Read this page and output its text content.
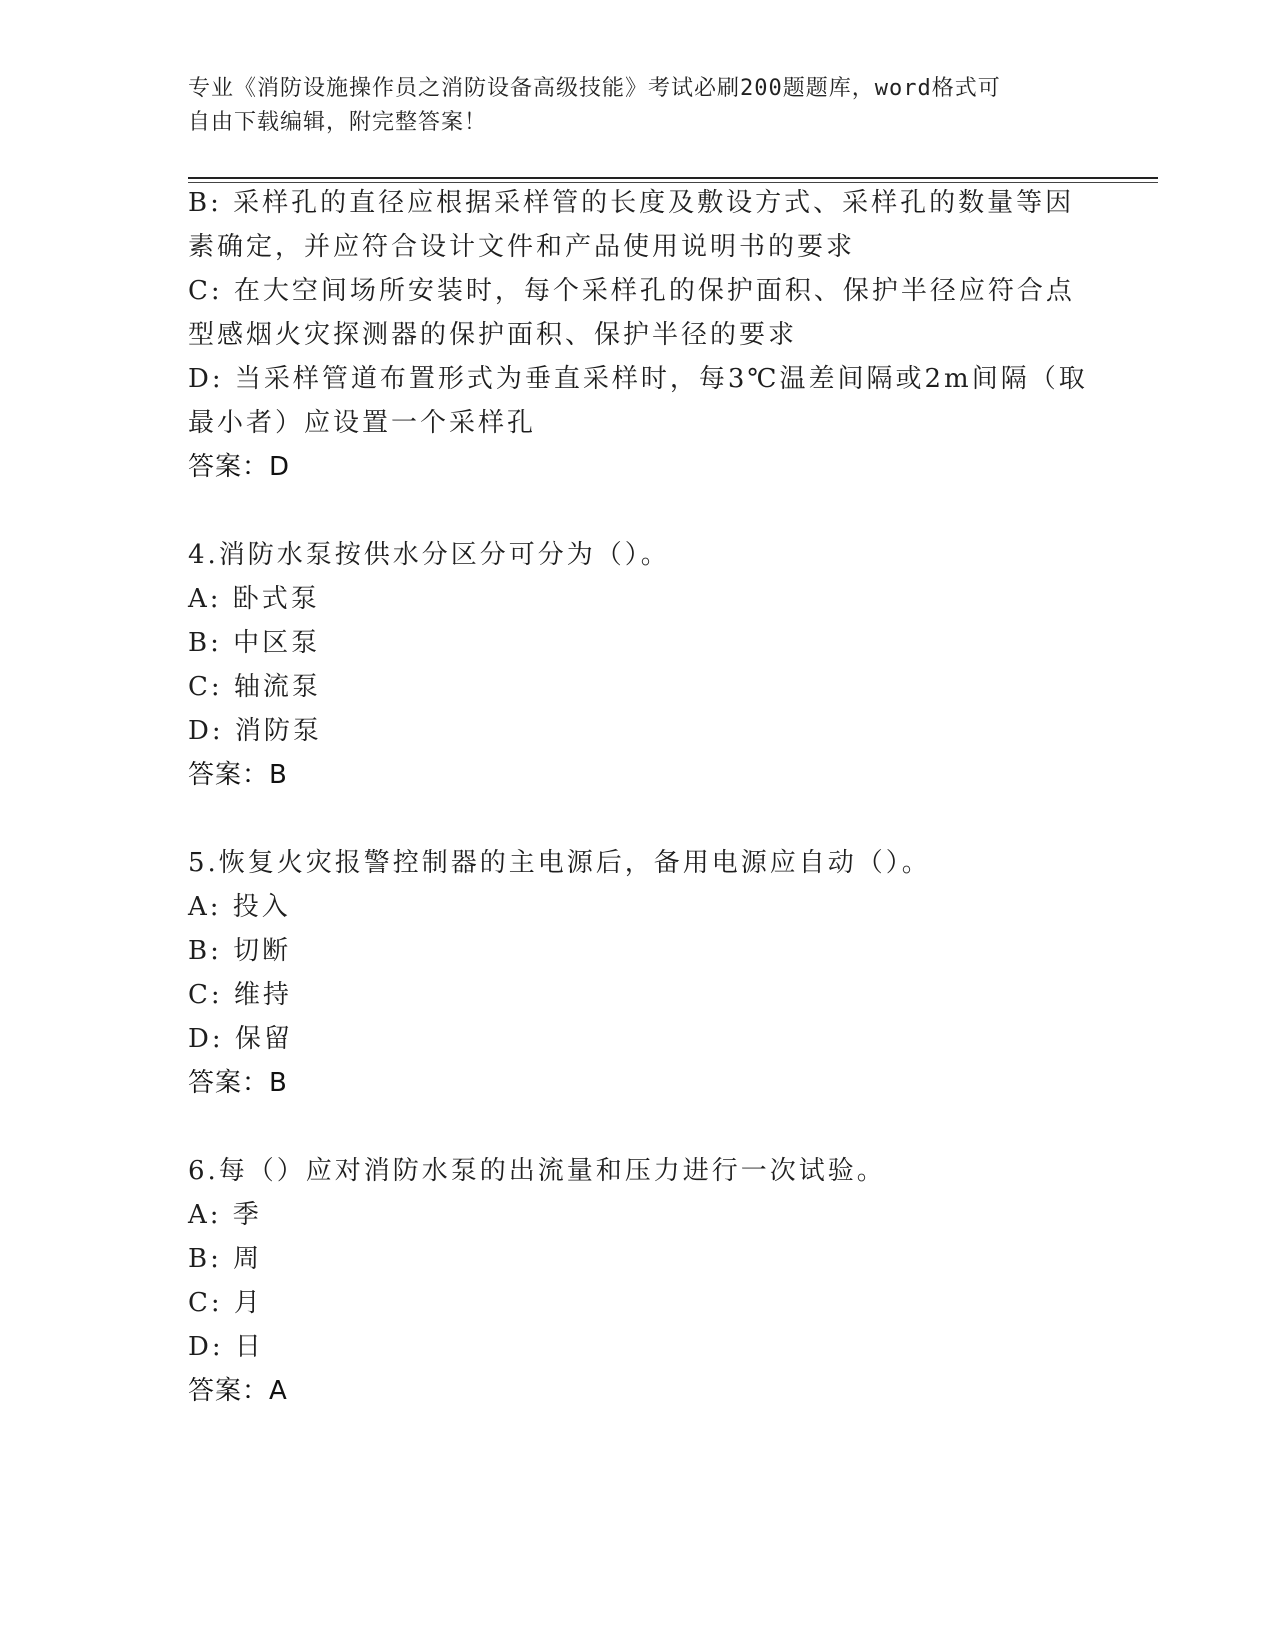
专业《消防设施操作员之消防设备高级技能》考试必刷200题题库，word格式可
自由下载编辑，附完整答案！
B: 采样孔的直径应根据采样管的长度及敷设方式、采样孔的数量等因
素确定，并应符合设计文件和产品使用说明书的要求
C: 在大空间场所安装时，每个采样孔的保护面积、保护半径应符合点
型感烟火灾探测器的保护面积、保护半径的要求
D: 当采样管道布置形式为垂直采样时，每3℃温差间隔或2m间隔（取
最小者）应设置一个采样孔
答案：D
4.消防水泵按供水分区分可分为（）。
A: 卧式泵
B: 中区泵
C: 轴流泵
D: 消防泵
答案：B
5.恢复火灾报警控制器的主电源后，备用电源应自动（）。
A: 投入
B: 切断
C: 维持
D: 保留
答案：B
6.每（）应对消防水泵的出流量和压力进行一次试验。
A: 季
B: 周
C: 月
D: 日
答案：A
